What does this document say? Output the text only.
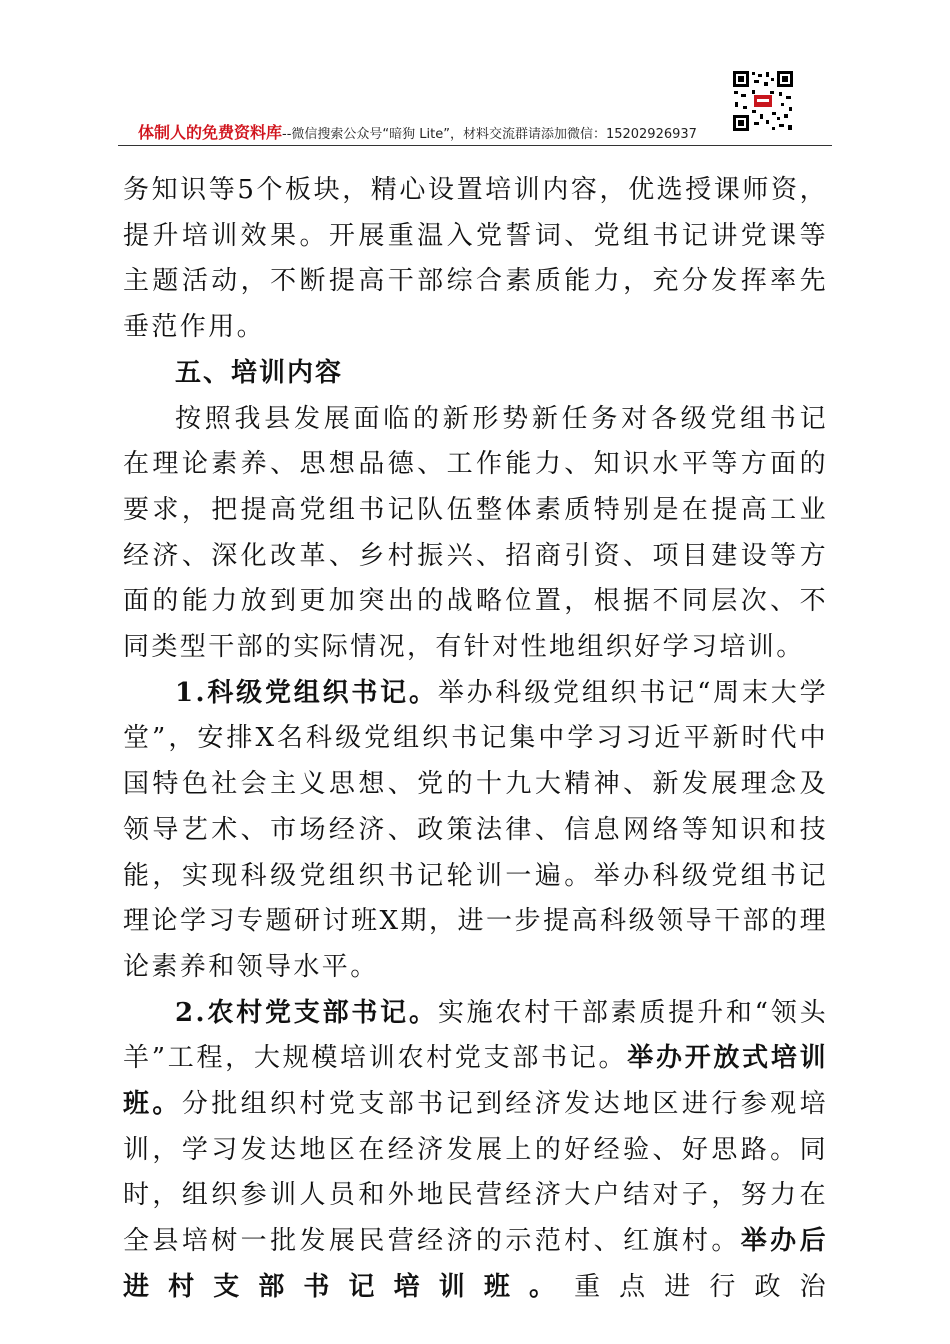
体制人的免费资料库--微信搜索公众号“暗狗 Lite”，材料交流群请添加微信：15202926937

务知识等5个板块，精心设置培训内容，优选授课师资，提升培训效果。开展重温入党誓词、党组书记讲党课等主题活动，不断提高干部综合素质能力，充分发挥率先垂范作用。

五、培训内容

按照我县发展面临的新形势新任务对各级党组书记在理论素养、思想品德、工作能力、知识水平等方面的要求，把提高党组书记队伍整体素质特别是在提高工业经济、深化改革、乡村振兴、招商引资、项目建设等方面的能力放到更加突出的战略位置，根据不同层次、不同类型干部的实际情况，有针对性地组织好学习培训。

1.科级党组织书记。举办科级党组织书记“周末大学堂”，安排X名科级党组织书记集中学习习近平新时代中国特色社会主义思想、党的十九大精神、新发展理念及领导艺术、市场经济、政策法律、信息网络等知识和技能，实现科级党组织书记轮训一遍。举办科级党组书记理论学习专题研讨班X期，进一步提高科级领导干部的理论素养和领导水平。

2.农村党支部书记。实施农村干部素质提升和“领头羊”工程，大规模培训农村党支部书记。举办开放式培训班。分批组织村党支部书记到经济发达地区进行参观培训，学习发达地区在经济发展上的好经验、好思路。同时，组织参训人员和外地民营经济大户结对子，努力在全县培树一批发展民营经济的示范村、红旗村。举办后进村支部书记培训班。重点进行政治
